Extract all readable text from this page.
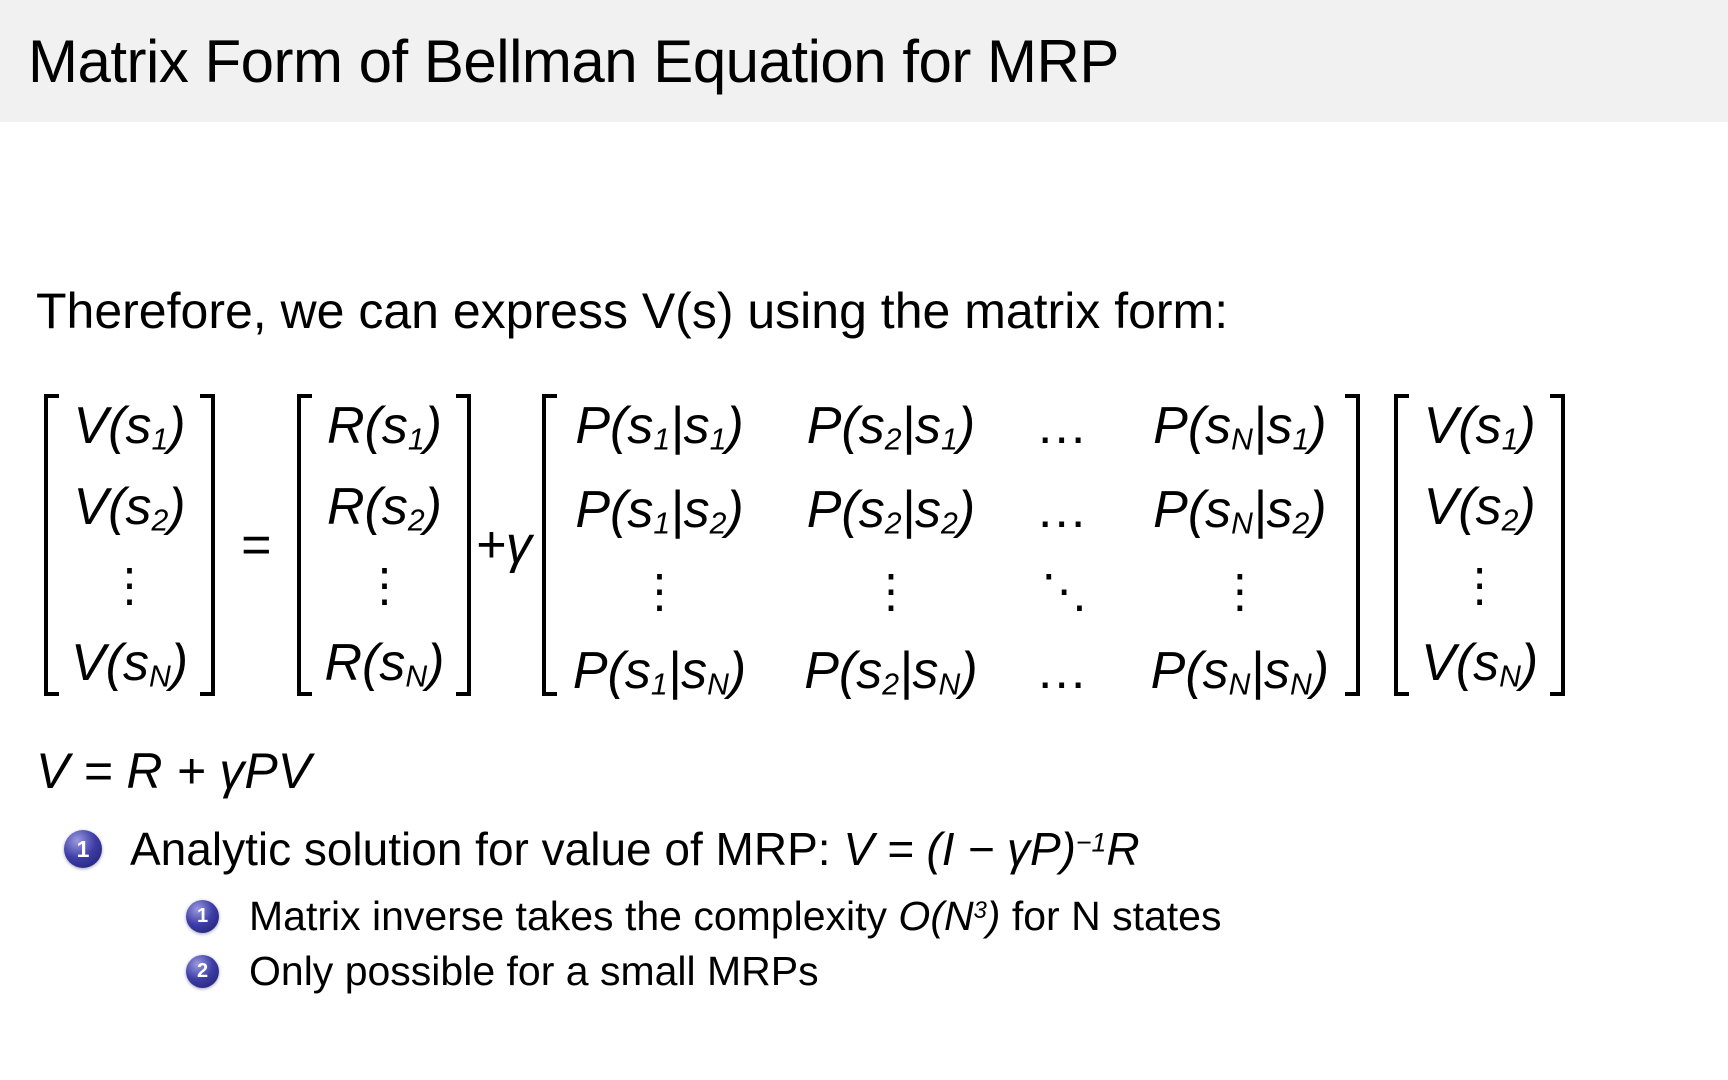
Matrix Form of Bellman Equation for MRP
Therefore, we can express V(s) using the matrix form:
$V(s_1)$
$V(s_2)$
⋮
$V(s_N)$
=
$R(s_1)$
$R(s_2)$
⋮
$R(s_N)$
+γ
$P(s_1|s_1)$ $P(s_2|s_1)$ … $P(s_N|s_1)$
$P(s_1|s_2)$ $P(s_2|s_2)$ … $P(s_N|s_2)$
⋮	⋮	⋱	⋮
$P(s_1|s_N)$ $P(s_2|s_N)$ … $P(s_N|s_N)$
$V(s_1)$
$V(s_2)$
⋮
$V(s_N)$
V = R + γPV
1 Analytic solution for value of MRP: $V = (I - \gamma P)^{-1}R$
1 Matrix inverse takes the complexity $O(N^3)$ for N states
2 Only possible for a small MRPs
